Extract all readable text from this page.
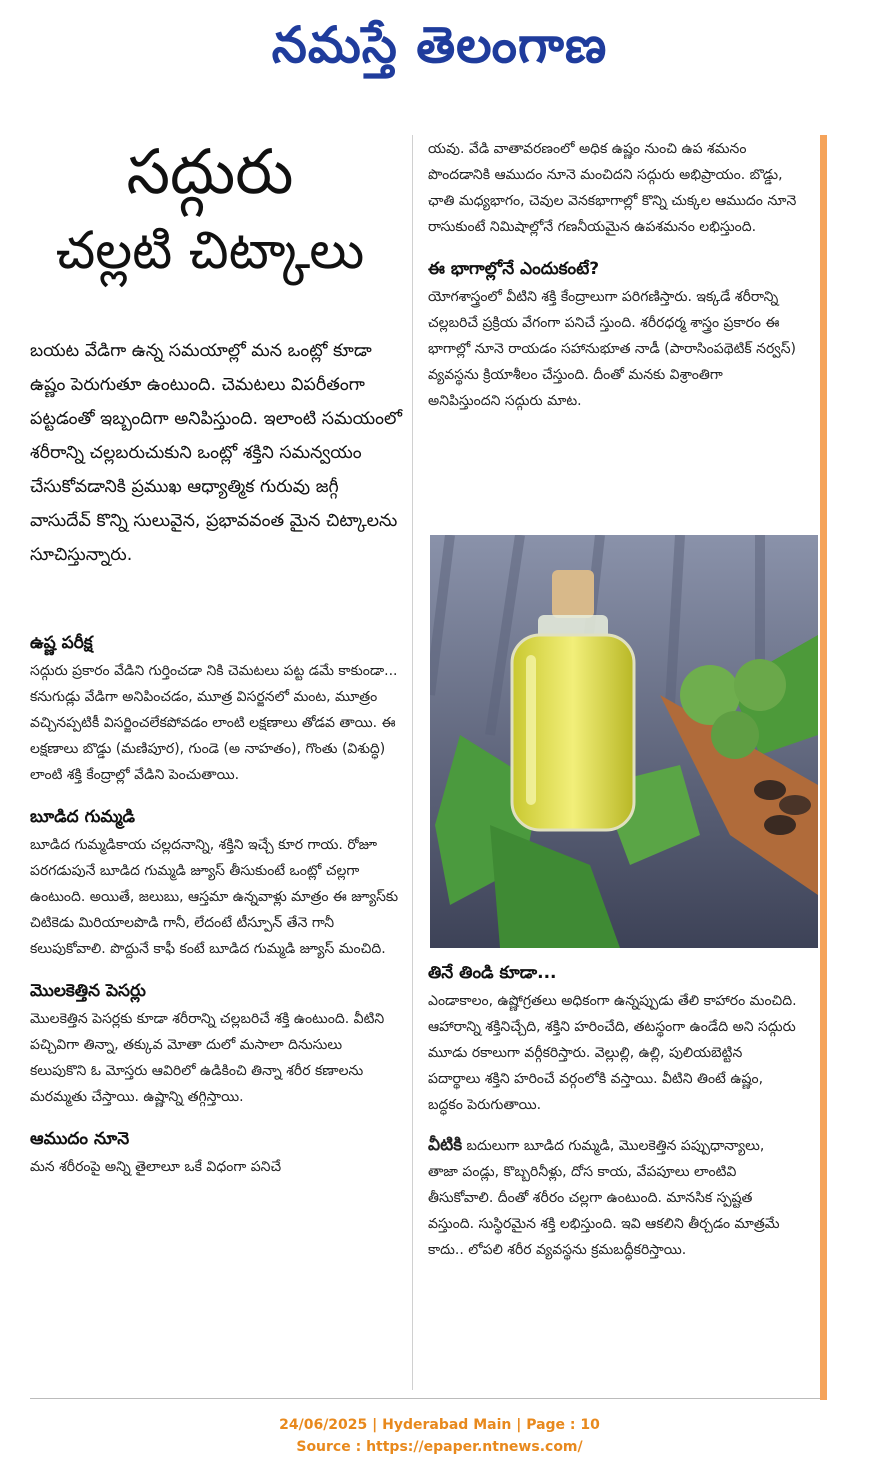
నమస్తే తెలంగాణ
సద్గురు
చల్లటి చిట్కాలు
బయట వేడిగా ఉన్న సమయాల్లో మన ఒంట్లో కూడా ఉష్ణం పెరుగుతూ ఉంటుంది. చెమటలు విపరీతంగా పట్టడంతో ఇబ్బందిగా అనిపిస్తుంది. ఇలాంటి సమయంలో శరీరాన్ని చల్లబరుచుకుని ఒంట్లో శక్తిని సమన్వయం చేసుకోవడానికి ప్రముఖ ఆధ్యాత్మిక గురువు జగ్గీ వాసుదేవ్ కొన్ని సులువైన, ప్రభావవంత మైన చిట్కాలను సూచిస్తున్నారు.

ఉష్ణ పరీక్ష

సద్గురు ప్రకారం వేడిని గుర్తించడా నికి చెమటలు పట్ట డమే కాకుండా... కనుగుడ్లు వేడిగా అనిపించడం, మూత్ర విసర్జనలో మంట, మూత్రం వచ్చినప్పటికీ విసర్జించలేకపోవడం లాంటి లక్షణాలు తోడవ తాయి. ఈ లక్షణాలు బొడ్డు (మణిపూర), గుండె (అ నాహతం), గొంతు (విశుద్ధి) లాంటి శక్తి కేంద్రాల్లో వేడిని పెంచుతాయి.

బూడిద గుమ్మడి

బూడిద గుమ్మడికాయ చల్లదనాన్ని, శక్తిని ఇచ్చే కూర గాయ. రోజూ పరగడుపునే బూడిద గుమ్మడి జ్యూస్ తీసుకుంటే ఒంట్లో చల్లగా ఉంటుంది. అయితే, జలుబు, ఆస్తమా ఉన్నవాళ్లు మాత్రం ఈ జ్యూస్‌కు చిటికెడు మిరియాలపొడి గానీ, లేదంటే టీస్పూన్ తేనె గానీ కలుపుకోవాలి. పొద్దునే కాఫీ కంటే బూడిద గుమ్మడి జ్యూస్ మంచిది.

మొలకెత్తిన పెసర్లు

మొలకెత్తిన పెసర్లకు కూడా శరీరాన్ని చల్లబరిచే శక్తి ఉంటుంది. వీటిని పచ్చివిగా తిన్నా, తక్కువ మోతా దులో మసాలా దినుసులు కలుపుకొని ఓ మోస్తరు ఆవిరిలో ఉడికించి తిన్నా శరీర కణాలను మరమ్మతు చేస్తాయి. ఉష్ణాన్ని తగ్గిస్తాయి.

ఆముదం నూనె

మన శరీరంపై అన్ని తైలాలూ ఒకే విధంగా పనిచే

యవు. వేడి వాతావరణంలో అధిక ఉష్ణం నుంచి ఉప శమనం పొందడానికి ఆముదం నూనె మంచిదని సద్గురు అభిప్రాయం. బొడ్డు, ఛాతి మధ్యభాగం, చెవుల వెనకభాగాల్లో కొన్ని చుక్కల ఆముదం నూనె రాసుకుంటే నిమిషాల్లోనే గణనీయమైన ఉపశమనం లభిస్తుంది.

ఈ భాగాల్లోనే ఎందుకంటే?

యోగశాస్త్రంలో వీటిని శక్తి కేంద్రాలుగా పరిగణిస్తారు. ఇక్కడే శరీరాన్ని చల్లబరిచే ప్రక్రియ వేగంగా పనిచే స్తుంది. శరీరధర్మ శాస్త్రం ప్రకారం ఈ భాగాల్లో నూనె రాయడం సహానుభూత నాడీ (పారాసింపథెటిక్ నర్వస్) వ్యవస్థను క్రియాశీలం చేస్తుంది. దీంతో మనకు విశ్రాంతిగా అనిపిస్తుందని సద్గురు మాట.

తినే తిండి కూడా...

ఎండాకాలం, ఉష్ణోగ్రతలు అధికంగా ఉన్నప్పుడు తేలి కాహారం మంచిది. ఆహారాన్ని శక్తినిచ్చేది, శక్తిని హరించేది, తటస్థంగా ఉండేది అని సద్గురు మూడు రకాలుగా వర్గీకరిస్తారు. వెల్లుల్లి, ఉల్లి, పులియబెట్టిన పదార్థాలు శక్తిని హరించే వర్గంలోకి వస్తాయి. వీటిని తింటే ఉష్ణం, బద్ధకం పెరుగుతాయి.

వీటికి బదులుగా బూడిద గుమ్మడి, మొలకెత్తిన పప్పుధాన్యాలు, తాజా పండ్లు, కొబ్బరినీళ్లు, దోస కాయ, వేపపూలు లాంటివి తీసుకోవాలి. దీంతో శరీరం చల్లగా ఉంటుంది. మానసిక స్పష్టత వస్తుంది. సుస్థిరమైన శక్తి లభిస్తుంది. ఇవి ఆకలిని తీర్చడం మాత్రమే కాదు.. లోపలి శరీర వ్యవస్థను క్రమబద్ధీకరిస్తాయి.

24/06/2025 | Hyderabad Main | Page : 10
Source : https://epaper.ntnews.com/
